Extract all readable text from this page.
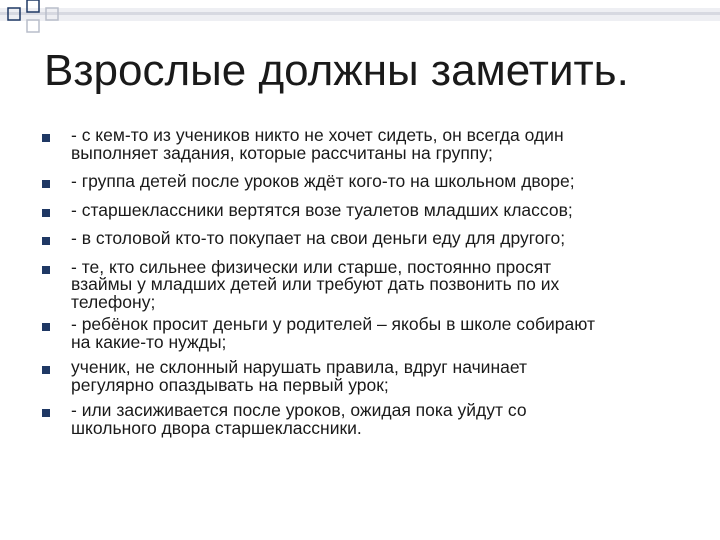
Взрослые должны заметить.
- с кем-то из учеников никто не хочет сидеть, он всегда один
выполняет задания, которые рассчитаны на группу;
- группа детей после уроков ждёт кого-то на школьном дворе;
- старшеклассники вертятся возе туалетов младших классов;
- в столовой кто-то покупает на свои деньги еду для другого;
- те, кто сильнее физически или старше, постоянно просят
взаймы у младших детей или требуют дать позвонить по их
телефону;
- ребёнок просит деньги у родителей – якобы в школе собирают
на какие-то нужды;
ученик, не склонный нарушать правила, вдруг начинает
регулярно опаздывать на первый урок;
- или засиживается после уроков, ожидая пока уйдут со
школьного двора старшеклассники.
